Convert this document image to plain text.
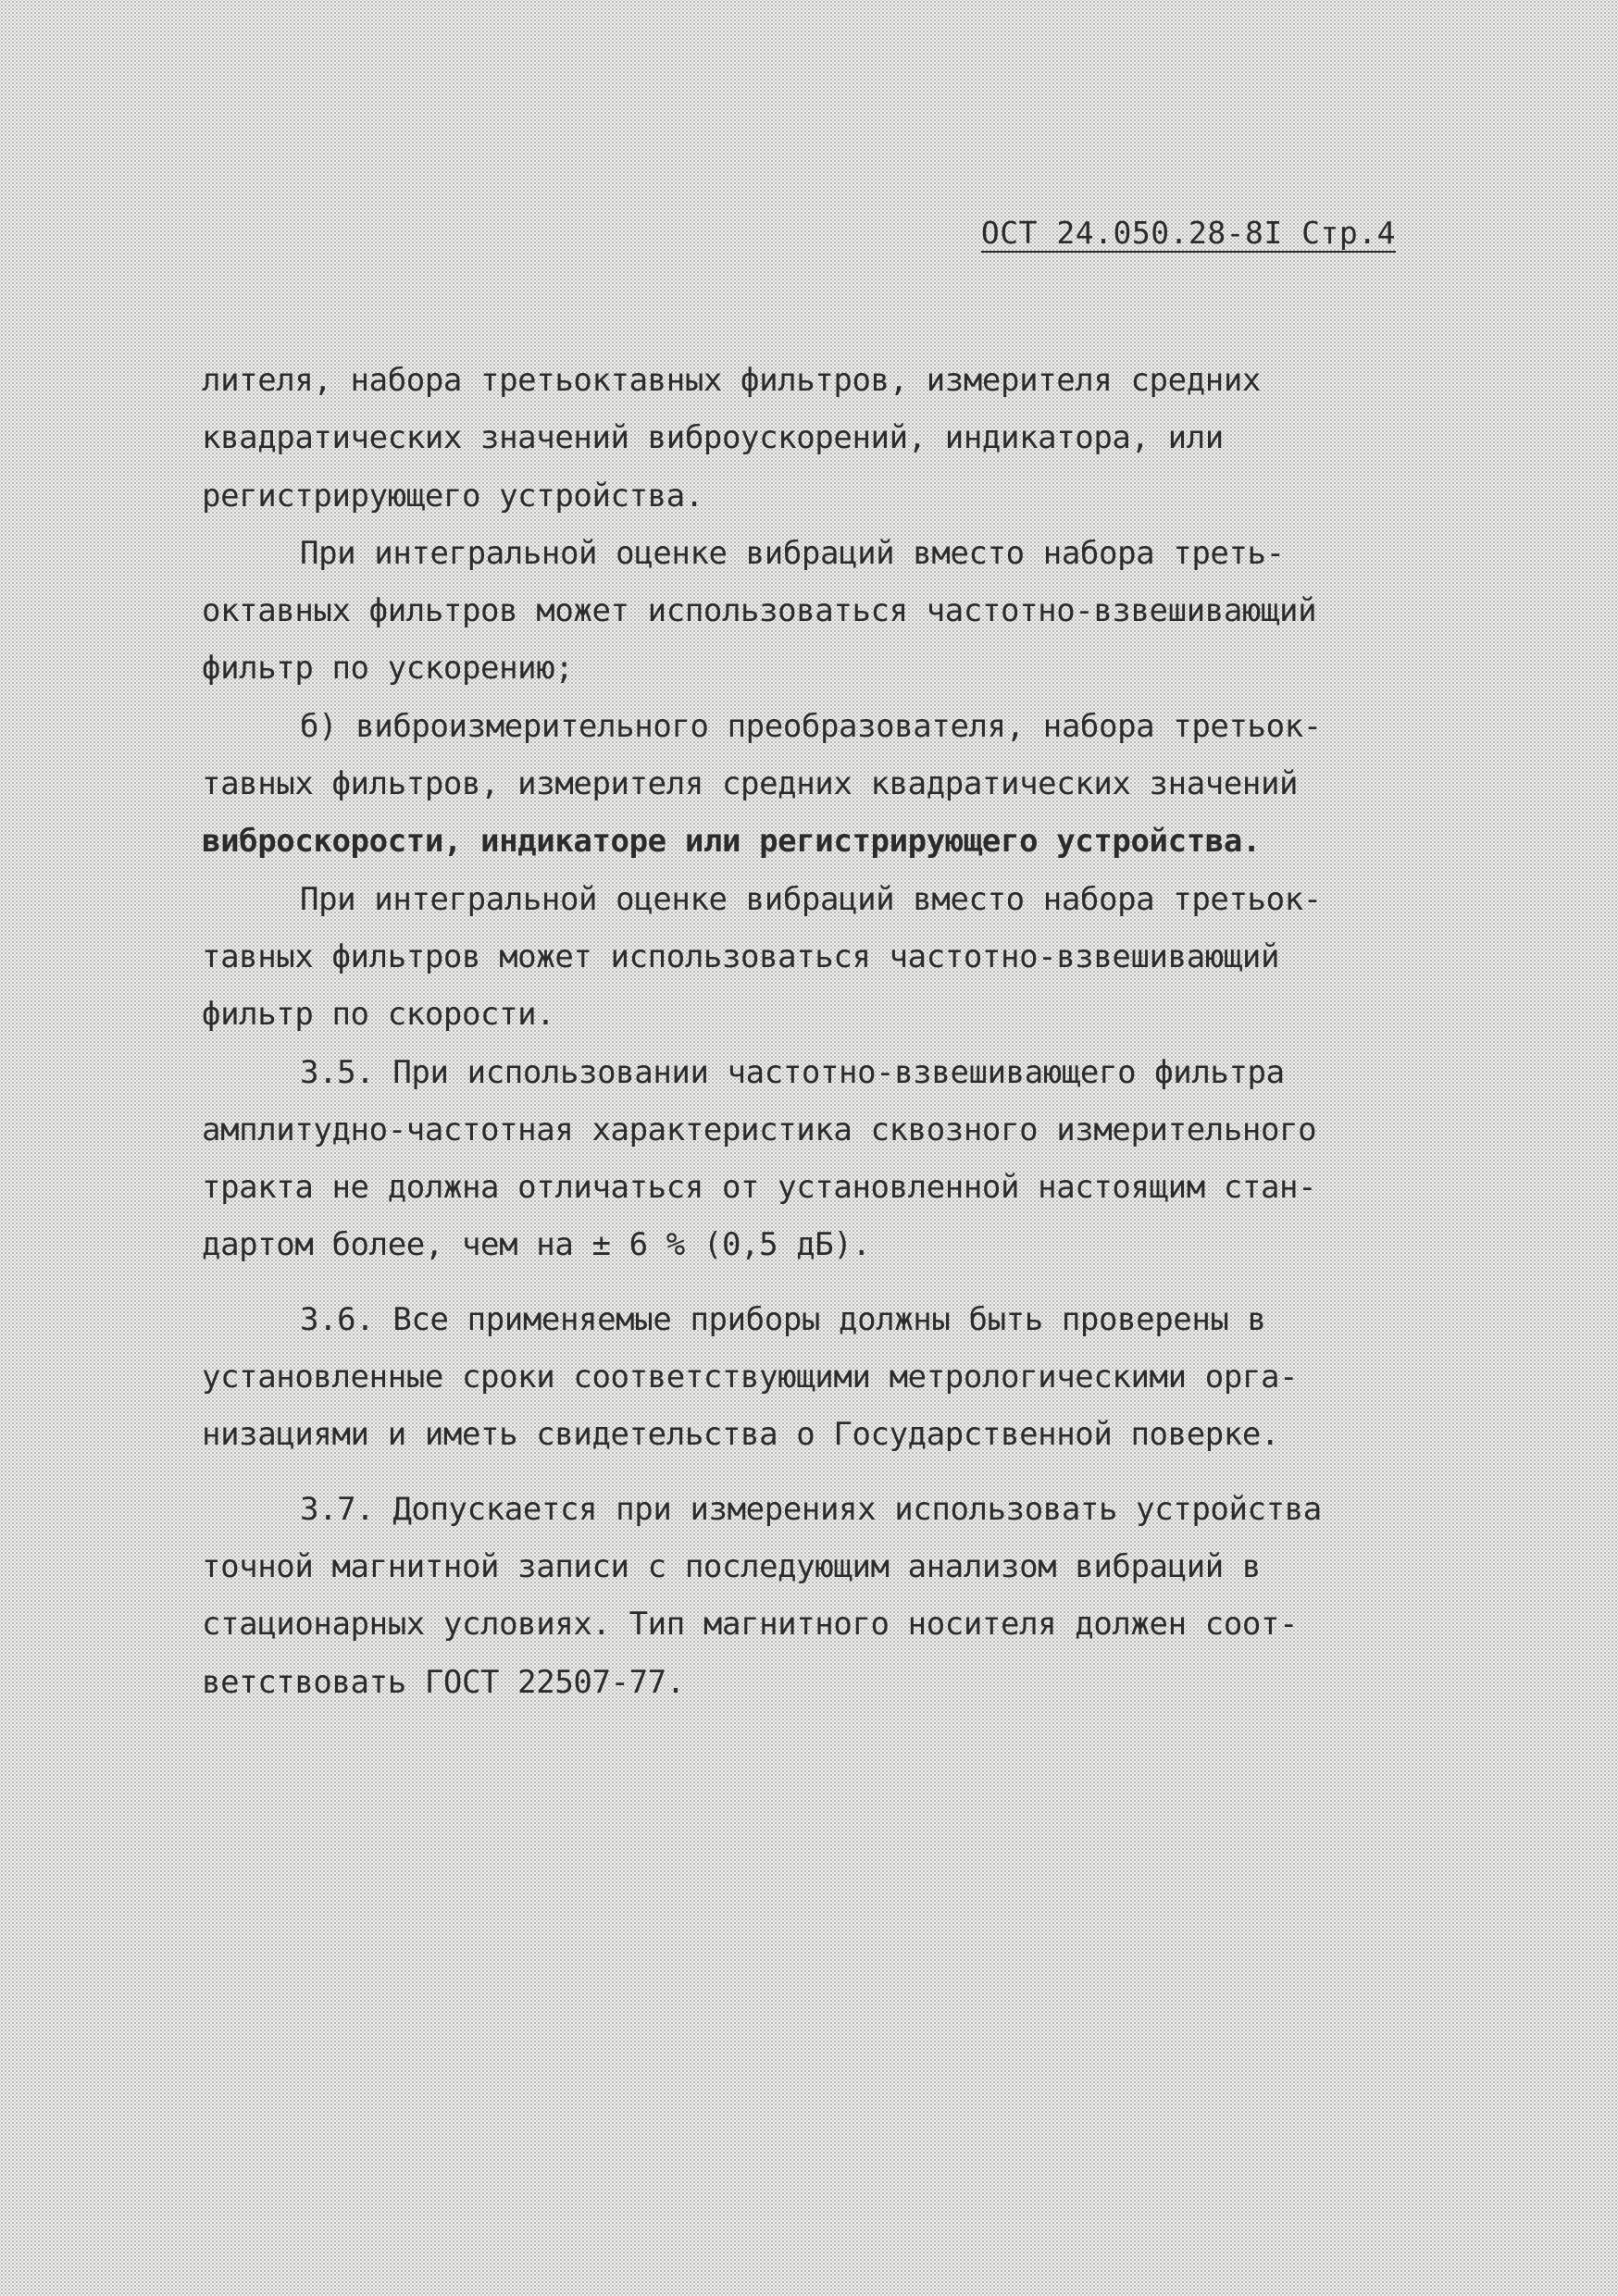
ОСТ 24.050.28-8I Стр.4
лителя, набора третьоктавных фильтров, измерителя средних
квадратических значений виброускорений, индикатора, или
регистрирующего устройства.
При интегральной оценке вибраций вместо набора треть-
октавных фильтров может использоваться частотно-взвешивающий
фильтр по ускорению;
б) виброизмерительного преобразователя, набора третьок-
тавных фильтров, измерителя средних квадратических значений
виброскорости, индикаторе или регистрирующего устройства.
При интегральной оценке вибраций вместо набора третьок-
тавных фильтров может использоваться частотно-взвешивающий
фильтр по скорости.
3.5. При использовании частотно-взвешивающего фильтра
амплитудно-частотная характеристика сквозного измерительного
тракта не должна отличаться от установленной настоящим стан-
дартом более, чем на ± 6 % (0,5 дБ).
3.6. Все применяемые приборы должны быть проверены в
установленные сроки соответствующими метрологическими орга-
низациями и иметь свидетельства о Государственной поверке.
3.7. Допускается при измерениях использовать устройства
точной магнитной записи с последующим анализом вибраций в
стационарных условиях. Тип магнитного носителя должен соот-
ветствовать ГОСТ 22507-77.
